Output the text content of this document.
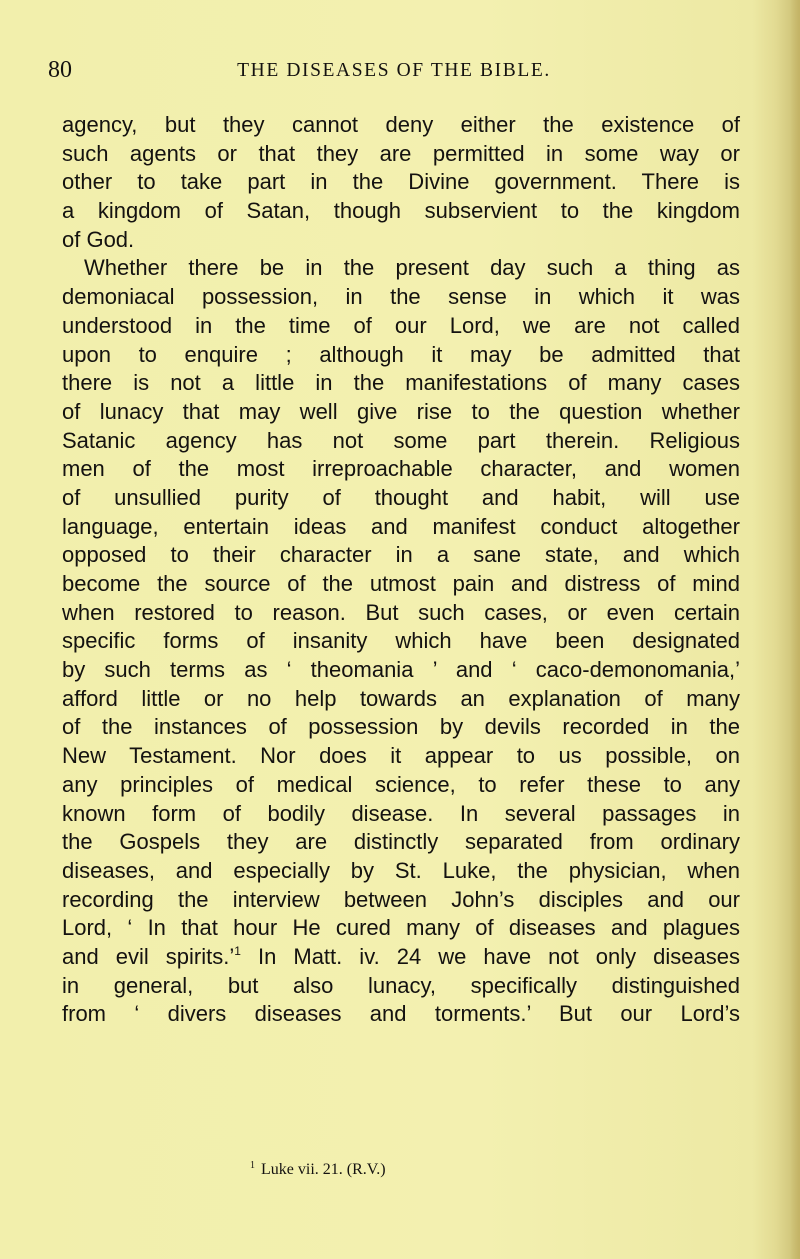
80	THE DISEASES OF THE BIBLE.
agency, but they cannot deny either the existence of
such agents or that they are permitted in some way or
other to take part in the Divine government. There is
a kingdom of Satan, though subservient to the kingdom
of God.
Whether there be in the present day such a thing as
demoniacal possession, in the sense in which it was
understood in the time of our Lord, we are not called
upon to enquire ; although it may be admitted that
there is not a little in the manifestations of many cases
of lunacy that may well give rise to the question whether
Satanic agency has not some part therein. Religious
men of the most irreproachable character, and women
of unsullied purity of thought and habit, will use
language, entertain ideas and manifest conduct altogether
opposed to their character in a sane state, and which
become the source of the utmost pain and distress of mind
when restored to reason. But such cases, or even certain
specific forms of insanity which have been designated
by such terms as ‘ theomania ’ and ‘ caco-demonomania,’
afford little or no help towards an explanation of many
of the instances of possession by devils recorded in the
New Testament. Nor does it appear to us possible, on
any principles of medical science, to refer these to any
known form of bodily disease. In several passages in
the Gospels they are distinctly separated from ordinary
diseases, and especially by St. Luke, the physician, when
recording the interview between John’s disciples and our
Lord, ‘ In that hour He cured many of diseases and plagues
and evil spirits.’$^1$ In Matt. iv. 24 we have not only diseases
in general, but also lunacy, specifically distinguished
from ‘ divers diseases and torments.’ But our Lord’s
$^1$ Luke vii. 21. (R.V.)
